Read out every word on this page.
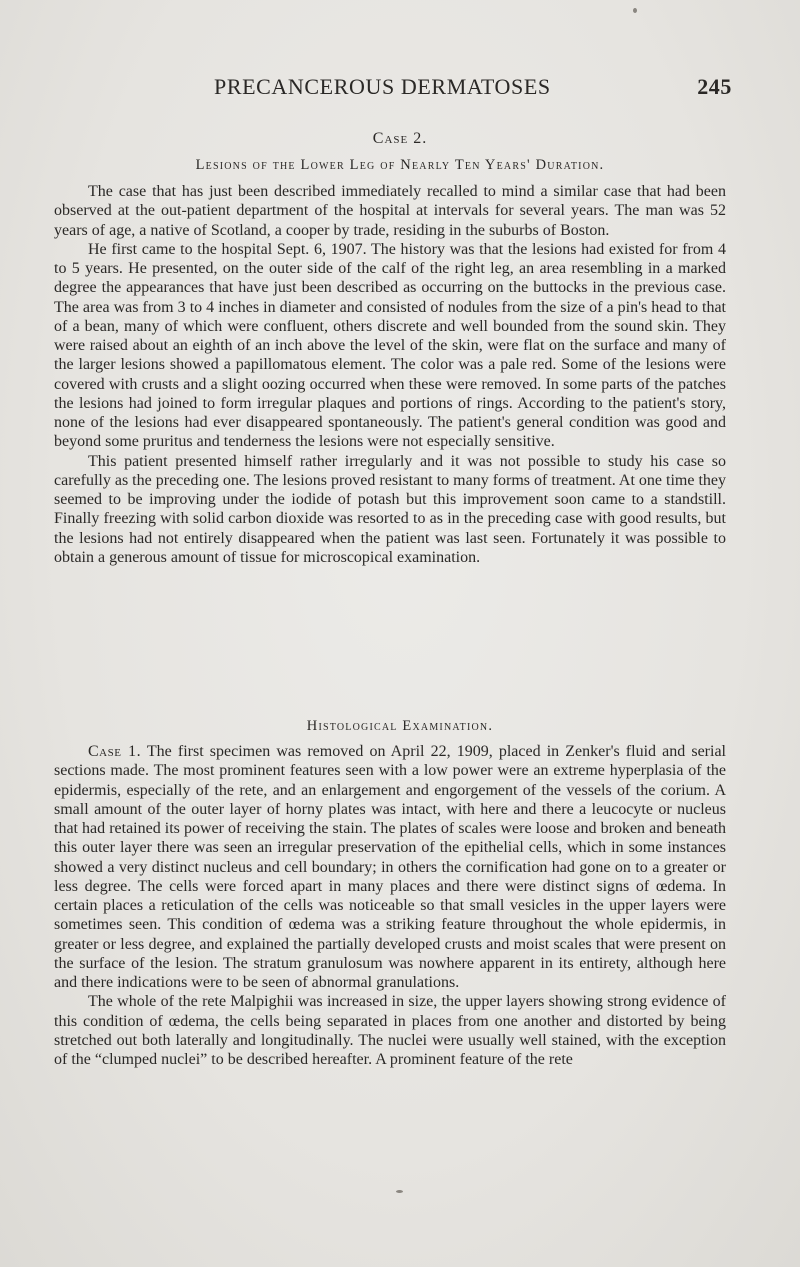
PRECANCEROUS DERMATOSES	245
Case 2.
Lesions of the Lower Leg of Nearly Ten Years' Duration.

The case that has just been described immediately recalled to mind a similar case that had been observed at the out-patient department of the hospital at intervals for several years. The man was 52 years of age, a native of Scotland, a cooper by trade, residing in the suburbs of Boston.

He first came to the hospital Sept. 6, 1907. The history was that the lesions had existed for from 4 to 5 years. He presented, on the outer side of the calf of the right leg, an area resembling in a marked degree the appearances that have just been described as occurring on the buttocks in the previous case. The area was from 3 to 4 inches in diameter and consisted of nodules from the size of a pin's head to that of a bean, many of which were confluent, others discrete and well bounded from the sound skin. They were raised about an eighth of an inch above the level of the skin, were flat on the surface and many of the larger lesions showed a papillomatous element. The color was a pale red. Some of the lesions were covered with crusts and a slight oozing occurred when these were removed. In some parts of the patches the lesions had joined to form irregular plaques and portions of rings. According to the patient's story, none of the lesions had ever disappeared spontaneously. The patient's general condition was good and beyond some pruritus and tenderness the lesions were not especially sensitive.

This patient presented himself rather irregularly and it was not possible to study his case so carefully as the preceding one. The lesions proved resistant to many forms of treatment. At one time they seemed to be improving under the iodide of potash but this improvement soon came to a standstill. Finally freezing with solid carbon dioxide was resorted to as in the preceding case with good results, but the lesions had not entirely disappeared when the patient was last seen. Fortunately it was possible to obtain a generous amount of tissue for microscopical examination.

Histological Examination.

Case 1. The first specimen was removed on April 22, 1909, placed in Zenker's fluid and serial sections made. The most prominent features seen with a low power were an extreme hyperplasia of the epidermis, especially of the rete, and an enlargement and engorgement of the vessels of the corium. A small amount of the outer layer of horny plates was intact, with here and there a leucocyte or nucleus that had retained its power of receiving the stain. The plates of scales were loose and broken and beneath this outer layer there was seen an irregular preservation of the epithelial cells, which in some instances showed a very distinct nucleus and cell boundary; in others the cornification had gone on to a greater or less degree. The cells were forced apart in many places and there were distinct signs of œdema. In certain places a reticulation of the cells was noticeable so that small vesicles in the upper layers were sometimes seen. This condition of œdema was a striking feature throughout the whole epidermis, in greater or less degree, and explained the partially developed crusts and moist scales that were present on the surface of the lesion. The stratum granulosum was nowhere apparent in its entirety, although here and there indications were to be seen of abnormal granulations.

The whole of the rete Malpighii was increased in size, the upper layers showing strong evidence of this condition of œdema, the cells being separated in places from one another and distorted by being stretched out both laterally and longitudinally. The nuclei were usually well stained, with the exception of the “clumped nuclei” to be described hereafter. A prominent feature of the rete
